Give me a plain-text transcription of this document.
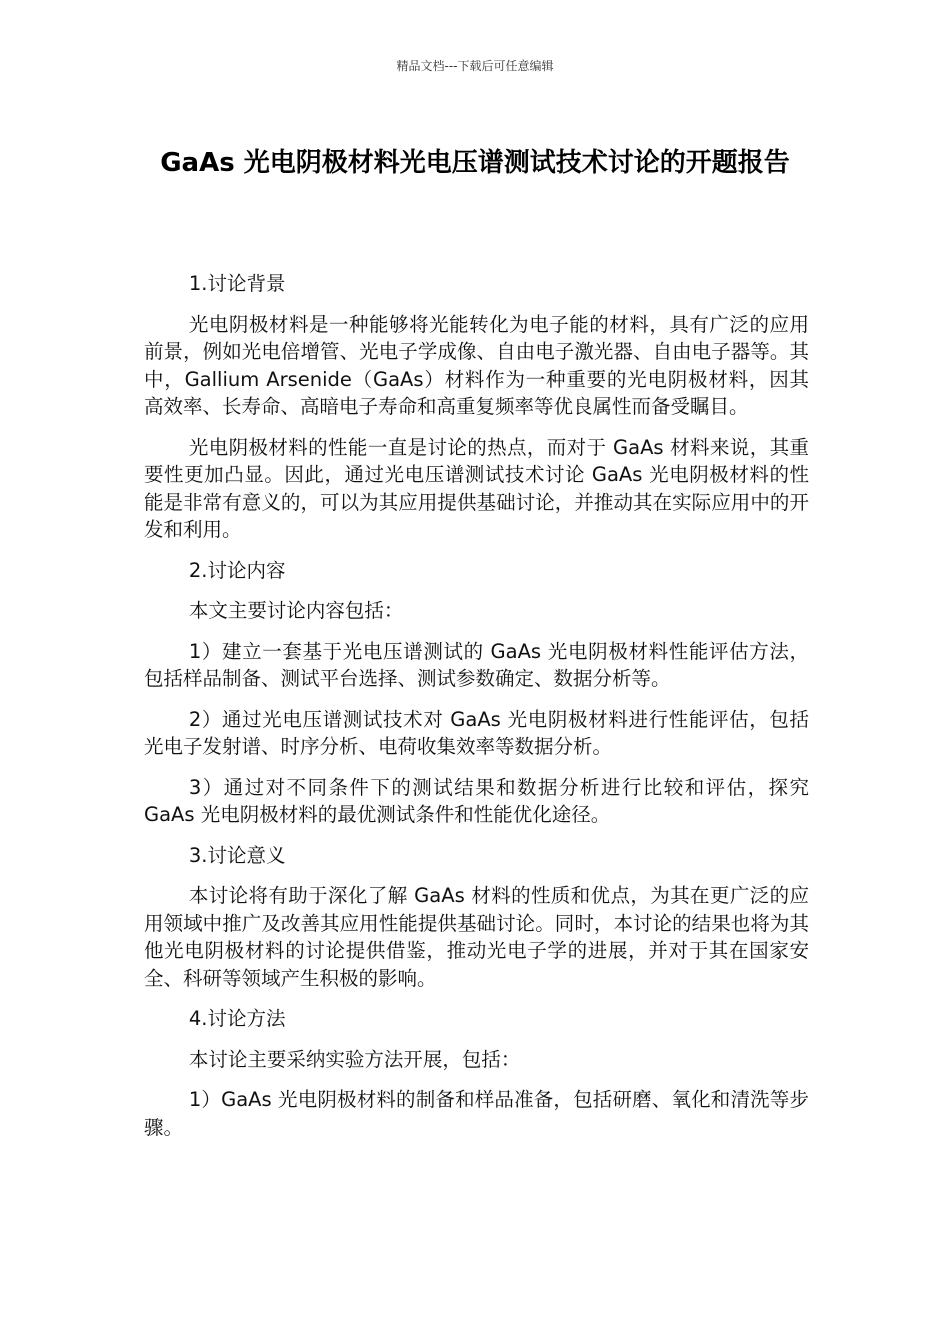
精品文档---下载后可任意编辑
GaAs 光电阴极材料光电压谱测试技术讨论的开题报告

1.讨论背景

光电阴极材料是一种能够将光能转化为电子能的材料，具有广泛的应用前景，例如光电倍增管、光电子学成像、自由电子激光器、自由电子器等。其中，Gallium Arsenide（GaAs）材料作为一种重要的光电阴极材料，因其高效率、长寿命、高暗电子寿命和高重复频率等优良属性而备受瞩目。

光电阴极材料的性能一直是讨论的热点，而对于 GaAs 材料来说，其重要性更加凸显。因此，通过光电压谱测试技术讨论 GaAs 光电阴极材料的性能是非常有意义的，可以为其应用提供基础讨论，并推动其在实际应用中的开发和利用。

2.讨论内容

本文主要讨论内容包括：

1）建立一套基于光电压谱测试的 GaAs 光电阴极材料性能评估方法，包括样品制备、测试平台选择、测试参数确定、数据分析等。

2）通过光电压谱测试技术对 GaAs 光电阴极材料进行性能评估，包括光电子发射谱、时序分析、电荷收集效率等数据分析。

3）通过对不同条件下的测试结果和数据分析进行比较和评估，探究 GaAs 光电阴极材料的最优测试条件和性能优化途径。

3.讨论意义

本讨论将有助于深化了解 GaAs 材料的性质和优点，为其在更广泛的应用领域中推广及改善其应用性能提供基础讨论。同时，本讨论的结果也将为其他光电阴极材料的讨论提供借鉴，推动光电子学的进展，并对于其在国家安全、科研等领域产生积极的影响。

4.讨论方法

本讨论主要采纳实验方法开展，包括：

1）GaAs 光电阴极材料的制备和样品准备，包括研磨、氧化和清洗等步骤。
